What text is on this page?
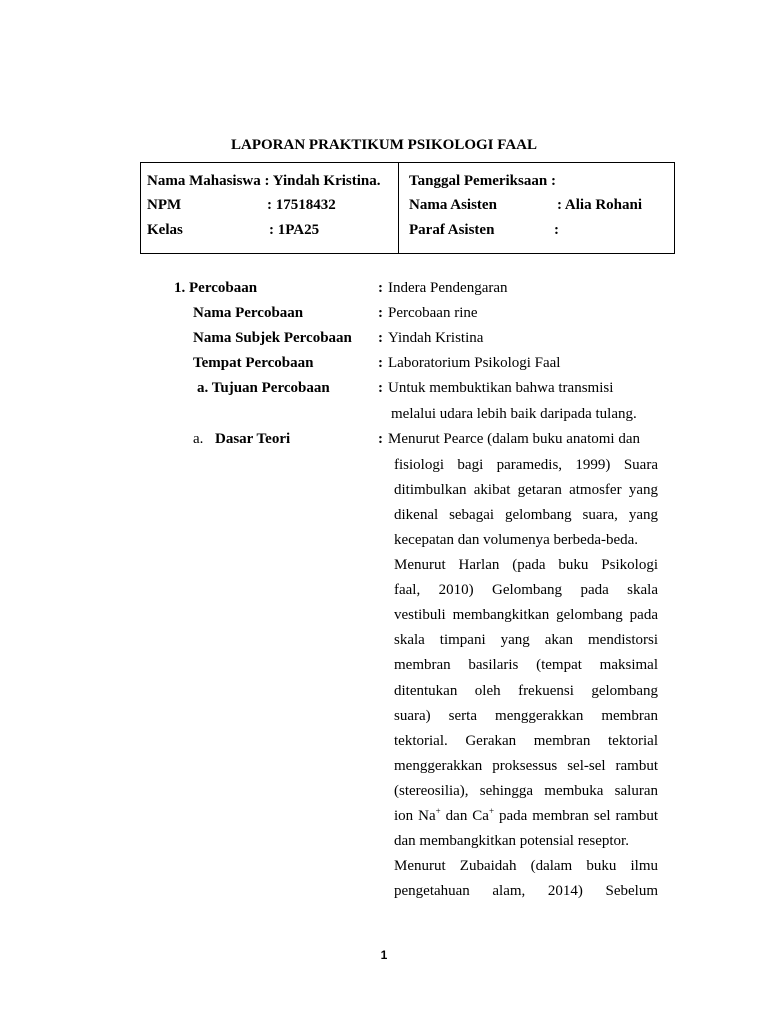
LAPORAN PRAKTIKUM PSIKOLOGI FAAL
Nama Mahasiswa : Yindah Kristina.
NPM	: 17518432
Kelas	: 1PA25
Tanggal Pemeriksaan :
Nama Asisten	: Alia Rohani
Paraf Asisten	:
1. Percobaan	: Indera Pendengaran
Nama Percobaan	: Percobaan rine
Nama Subjek Percobaan : Yindah Kristina
Tempat Percobaan	: Laboratorium Psikologi Faal
a. Tujuan Percobaan	: Untuk membuktikan bahwa transmisi
melalui udara lebih baik daripada tulang.
a. Dasar Teori	: Menurut Pearce (dalam buku anatomi dan
fisiologi bagi paramedis, 1999) Suara
ditimbulkan akibat getaran atmosfer yang
dikenal sebagai gelombang suara, yang
kecepatan dan volumenya berbeda-beda.
Menurut Harlan (pada buku Psikologi
faal, 2010) Gelombang pada skala
vestibuli membangkitkan gelombang pada
skala timpani yang akan mendistorsi
membran basilaris (tempat maksimal
ditentukan oleh frekuensi gelombang
suara) serta menggerakkan membran
tektorial. Gerakan membran tektorial
menggerakkan proksessus sel-sel rambut
(stereosilia), sehingga membuka saluran
ion Na+ dan Ca+ pada membran sel rambut
dan membangkitkan potensial reseptor.
Menurut Zubaidah (dalam buku ilmu
pengetahuan alam, 2014) Sebelum
1
